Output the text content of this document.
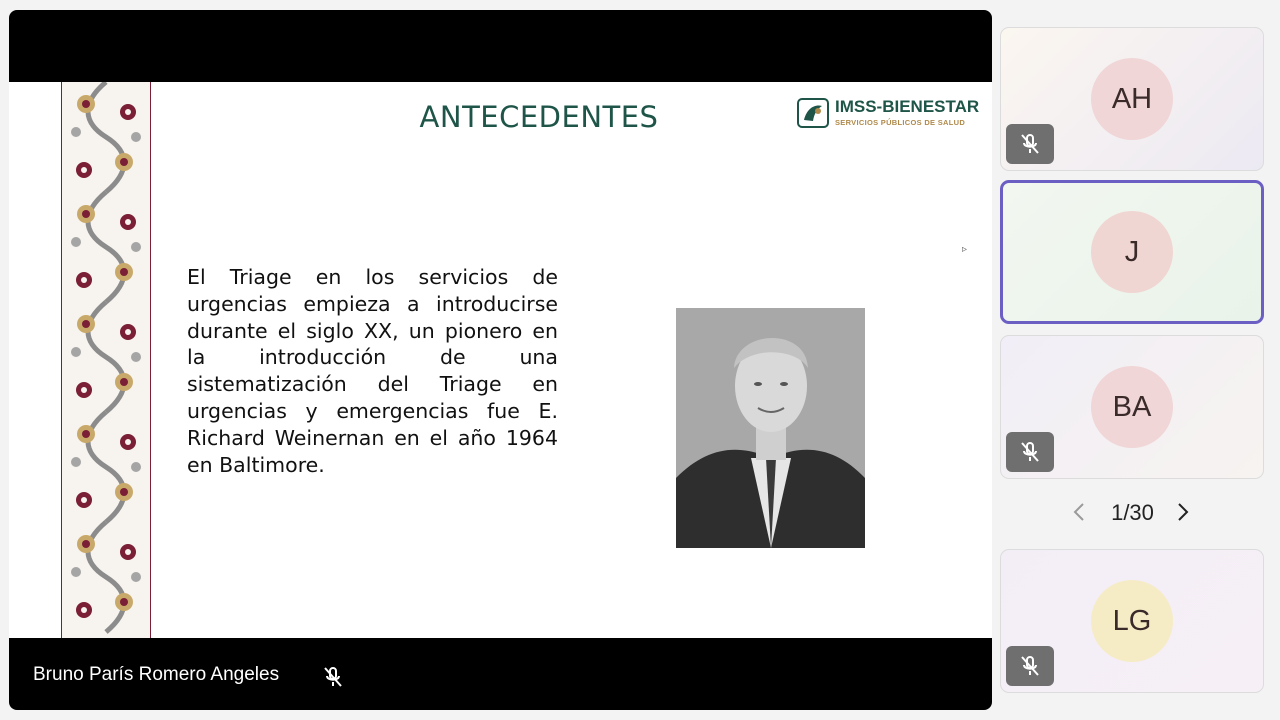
ANTECEDENTES	IMSS-BIENESTAR
SERVICIOS PÚBLICOS DE SALUD

El Triage en los servicios de urgencias empieza a introducirse durante el siglo XX, un pionero en la introducción de una sistematización del Triage en urgencias y emergencias fue E. Richard Weinernan en el año 1964 en Baltimore.

▹
Bruno París Romero Angeles
AH
J
BA
1/30
LG
